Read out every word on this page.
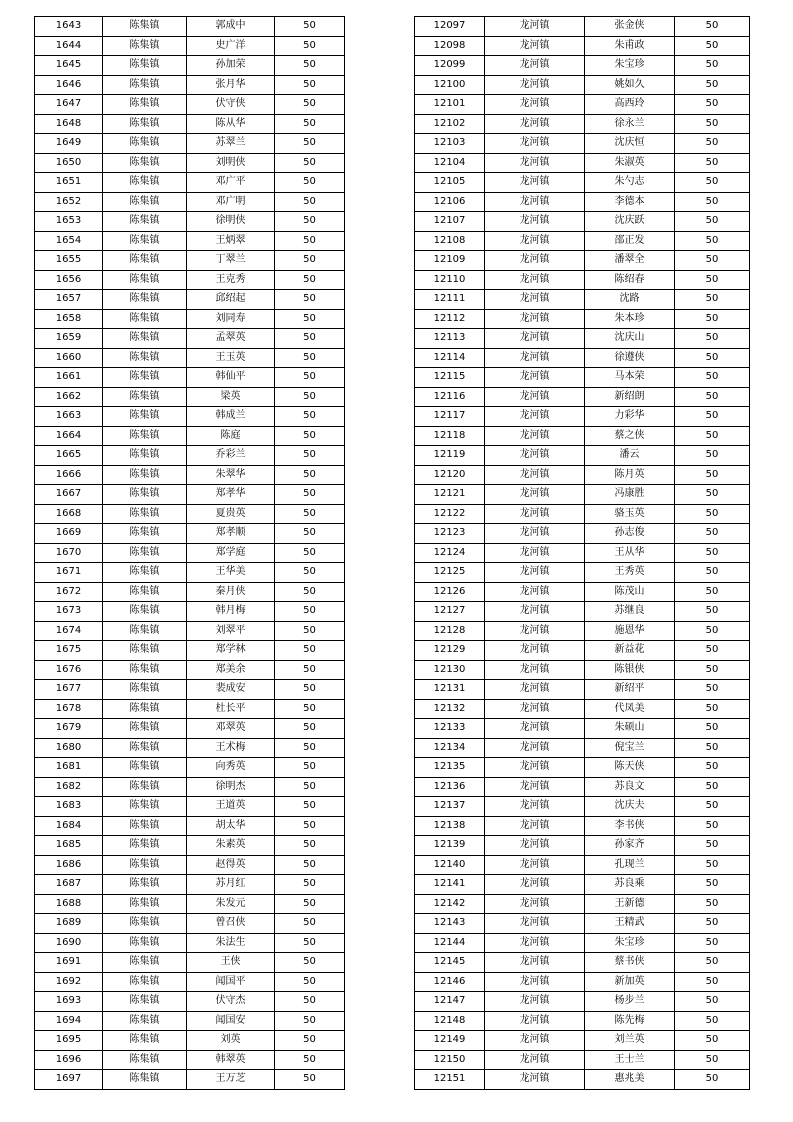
1643	陈集镇	郭成中	50
1644	陈集镇	史广洋	50
1645	陈集镇	孙加荣	50
1646	陈集镇	张月华	50
1647	陈集镇	伏守侠	50
1648	陈集镇	陈从华	50
1649	陈集镇	苏翠兰	50
1650	陈集镇	刘明侠	50
1651	陈集镇	邓广平	50
1652	陈集镇	邓广明	50
1653	陈集镇	徐明侠	50
1654	陈集镇	王炳翠	50
1655	陈集镇	丁翠兰	50
1656	陈集镇	王克秀	50
1657	陈集镇	邱绍起	50
1658	陈集镇	刘同寿	50
1659	陈集镇	孟翠英	50
1660	陈集镇	王玉英	50
1661	陈集镇	韩仙平	50
1662	陈集镇	梁英	50
1663	陈集镇	韩成兰	50
1664	陈集镇	陈庭	50
1665	陈集镇	乔彩兰	50
1666	陈集镇	朱翠华	50
1667	陈集镇	郑孝华	50
1668	陈集镇	夏贵英	50
1669	陈集镇	郑孝顺	50
1670	陈集镇	郑学庭	50
1671	陈集镇	王华美	50
1672	陈集镇	秦月侠	50
1673	陈集镇	韩月梅	50
1674	陈集镇	刘翠平	50
1675	陈集镇	郑学林	50
1676	陈集镇	郑美余	50
1677	陈集镇	裴成安	50
1678	陈集镇	杜长平	50
1679	陈集镇	邓翠英	50
1680	陈集镇	王术梅	50
1681	陈集镇	向秀英	50
1682	陈集镇	徐明杰	50
1683	陈集镇	王道英	50
1684	陈集镇	胡太华	50
1685	陈集镇	朱素英	50
1686	陈集镇	赵得英	50
1687	陈集镇	苏月红	50
1688	陈集镇	朱发元	50
1689	陈集镇	曾召侠	50
1690	陈集镇	朱法生	50
1691	陈集镇	王侠	50
1692	陈集镇	闻国平	50
1693	陈集镇	伏守杰	50
1694	陈集镇	闻国安	50
1695	陈集镇	刘英	50
1696	陈集镇	韩翠英	50
1697	陈集镇	王万芝	50
12097	龙河镇	张金侠	50
12098	龙河镇	朱甫政	50
12099	龙河镇	朱宝珍	50
12100	龙河镇	姚如久	50
12101	龙河镇	高西玲	50
12102	龙河镇	徐永兰	50
12103	龙河镇	沈庆恒	50
12104	龙河镇	朱淑英	50
12105	龙河镇	朱勺志	50
12106	龙河镇	李德本	50
12107	龙河镇	沈庆跃	50
12108	龙河镇	邵正发	50
12109	龙河镇	潘翠全	50
12110	龙河镇	陈绍春	50
12111	龙河镇	沈路	50
12112	龙河镇	朱本珍	50
12113	龙河镇	沈庆山	50
12114	龙河镇	徐遵侠	50
12115	龙河镇	马本荣	50
12116	龙河镇	新绍朗	50
12117	龙河镇	力彩华	50
12118	龙河镇	蔡之侠	50
12119	龙河镇	潘云	50
12120	龙河镇	陈月英	50
12121	龙河镇	冯康胜	50
12122	龙河镇	骆玉英	50
12123	龙河镇	孙志俊	50
12124	龙河镇	王从华	50
12125	龙河镇	王秀英	50
12126	龙河镇	陈茂山	50
12127	龙河镇	苏继良	50
12128	龙河镇	施恩华	50
12129	龙河镇	新益花	50
12130	龙河镇	陈银侠	50
12131	龙河镇	新绍平	50
12132	龙河镇	代凤美	50
12133	龙河镇	朱硕山	50
12134	龙河镇	倪宝兰	50
12135	龙河镇	陈天侠	50
12136	龙河镇	苏良文	50
12137	龙河镇	沈庆夫	50
12138	龙河镇	李书侠	50
12139	龙河镇	孙家齐	50
12140	龙河镇	孔现兰	50
12141	龙河镇	苏良乘	50
12142	龙河镇	王新德	50
12143	龙河镇	王精武	50
12144	龙河镇	朱宝珍	50
12145	龙河镇	蔡书侠	50
12146	龙河镇	新加英	50
12147	龙河镇	杨步兰	50
12148	龙河镇	陈先梅	50
12149	龙河镇	刘兰英	50
12150	龙河镇	王士兰	50
12151	龙河镇	惠兆美	50
